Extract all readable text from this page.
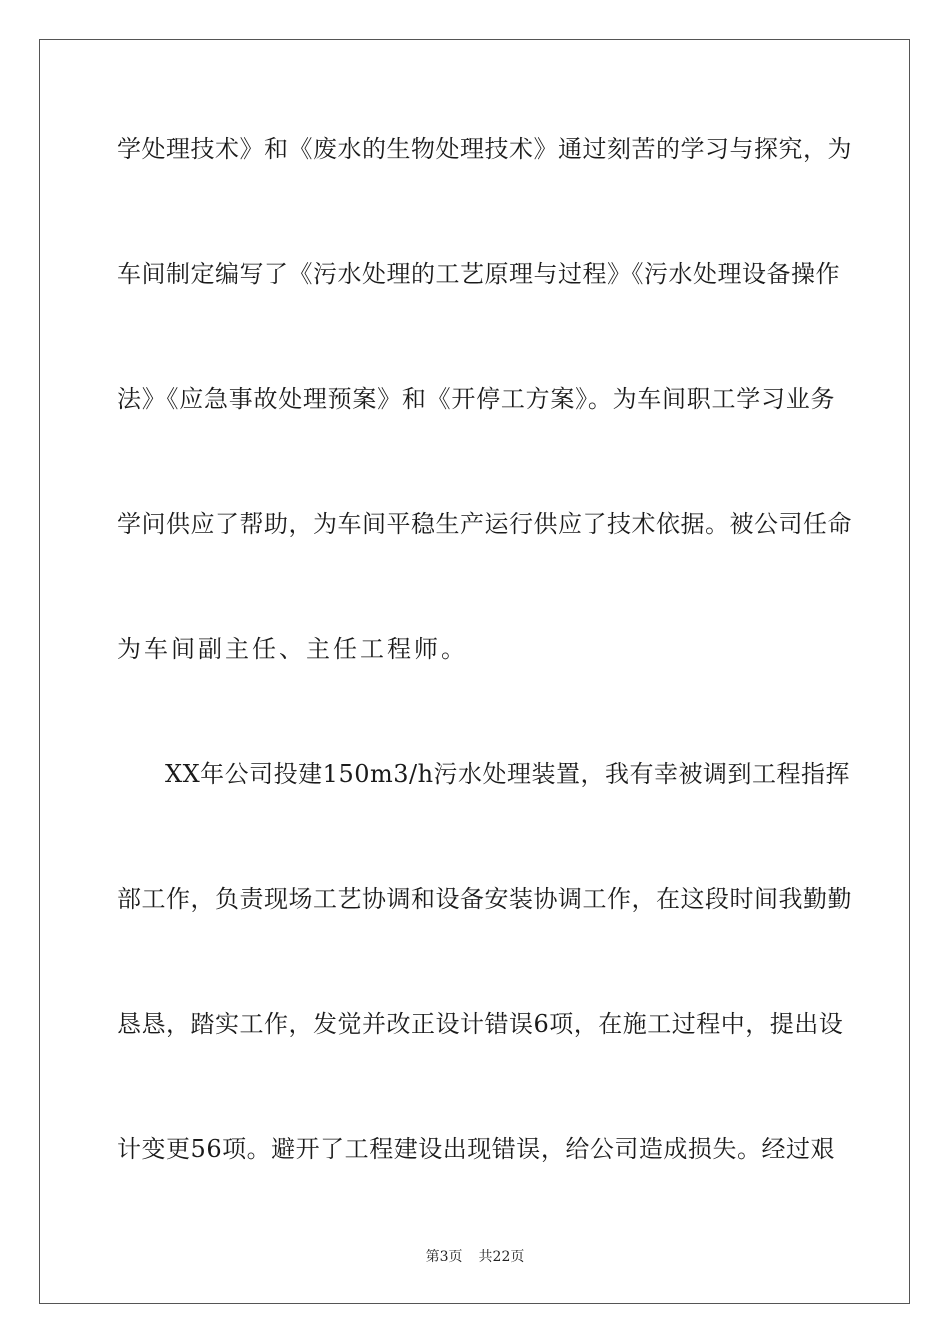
学处理技术》和《废水的生物处理技术》通过刻苦的学习与探究，为
车间制定编写了《污水处理的工艺原理与过程》《污水处理设备操作
法》《应急事故处理预案》和《开停工方案》。为车间职工学习业务
学问供应了帮助，为车间平稳生产运行供应了技术依据。被公司任命
为车间副主任、主任工程师。
XX年公司投建150m3/h污水处理装置，我有幸被调到工程指挥
部工作，负责现场工艺协调和设备安装协调工作，在这段时间我勤勤
恳恳，踏实工作，发觉并改正设计错误6项，在施工过程中，提出设
计变更56项。避开了工程建设出现错误，给公司造成损失。经过艰
第3页 共22页
